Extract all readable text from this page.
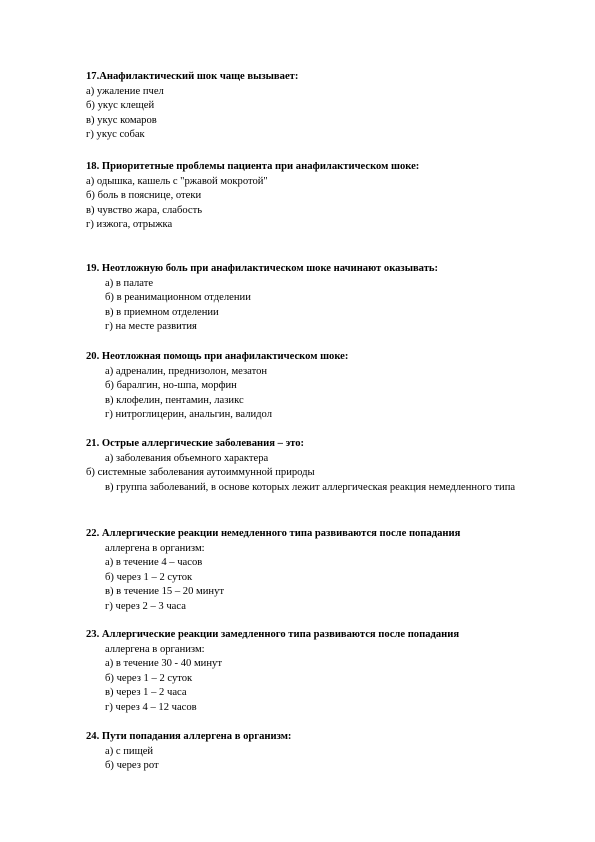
17.Анафилактический шок чаще вызывает:
а) ужаление пчел
б) укус клещей
в) укус комаров
г) укус собак
18. Приоритетные проблемы пациента при анафилактическом шоке:
а) одышка, кашель с "ржавой мокротой"
б) боль в пояснице, отеки
в) чувство жара, слабость
г) изжога, отрыжка
19. Неотложную боль при анафилактическом шоке начинают оказывать:
а) в палате
б) в реанимационном отделении
в) в приемном отделении
г) на месте развития
20. Неотложная помощь при анафилактическом шоке:
а) адреналин, преднизолон, мезатон
б) баралгин, но-шпа, морфин
в) клофелин, пентамин, лазикс
г) нитроглицерин, анальгин, валидол
21. Острые аллергические заболевания – это:
а) заболевания объемного характера
б) системные заболевания аутоиммунной природы
в) группа заболеваний, в основе которых лежит аллергическая реакция немедленного типа
22. Аллергические реакции немедленного типа развиваются после попадания
аллергена в организм:
а) в течение 4 – часов
б) через 1 – 2 суток
в) в течение 15 – 20 минут
г) через 2 – 3 часа
23. Аллергические реакции замедленного типа развиваются после попадания
аллергена в организм:
а) в течение 30 - 40 минут
б) через 1 – 2 суток
в) через 1 – 2 часа
г) через 4 – 12 часов
24. Пути попадания аллергена в организм:
а) с пищей
б) через рот
